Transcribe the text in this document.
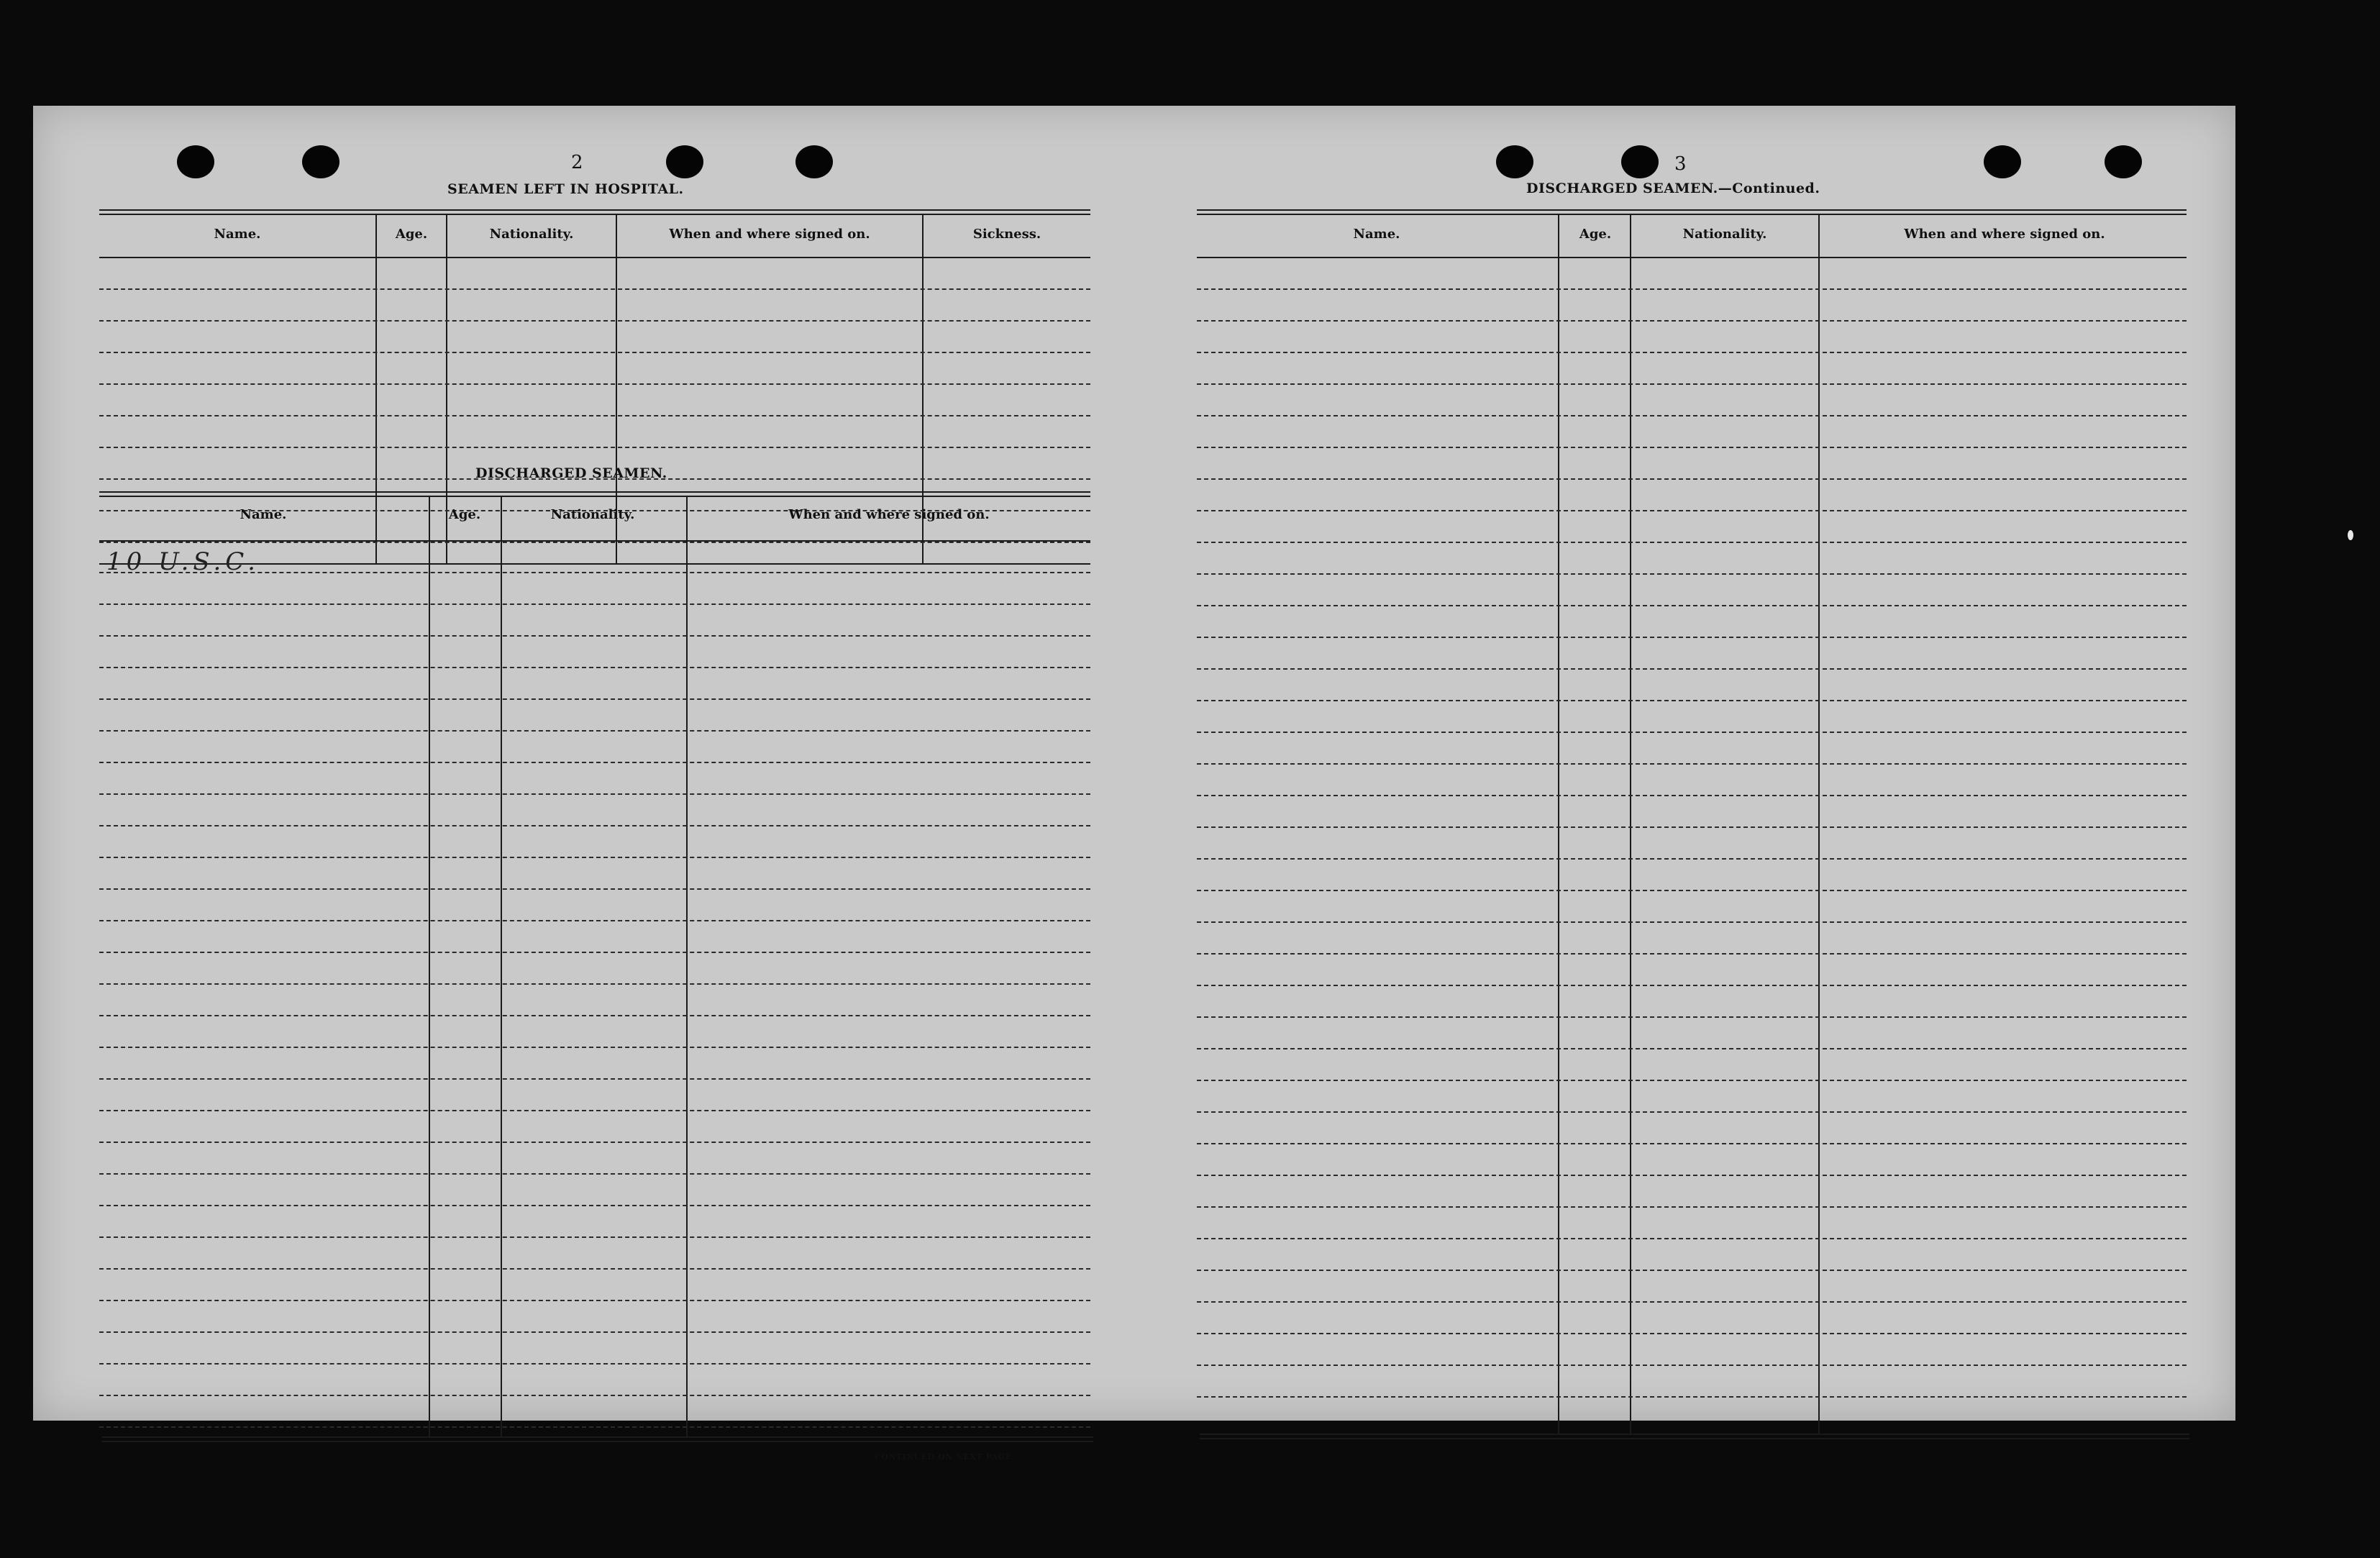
2
SEAMEN LEFT IN HOSPITAL.
Name.	Age.	Nationality.	When and where signed on.	Sickness.
DISCHARGED SEAMEN.
Name.	Age.	Nationality.	When and where signed on.
10 U.S.C.
CONTINUED ON NEXT PAGE.
3
DISCHARGED SEAMEN.—Continued.
Name.	Age.	Nationality.	When and where signed on.
